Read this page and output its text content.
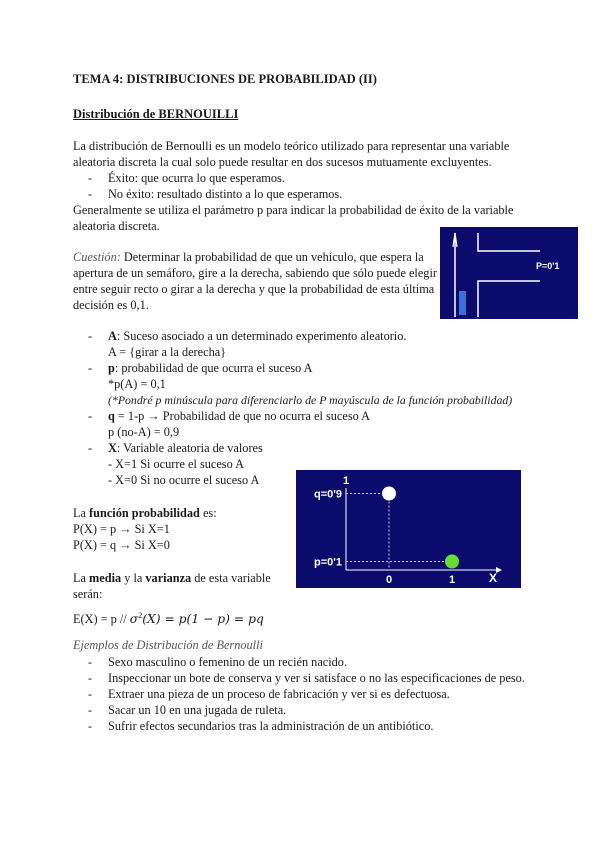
TEMA 4: DISTRIBUCIONES DE PROBABILIDAD (II)
Distribución de BERNOUILLI
La distribución de Bernoulli es un modelo teórico utilizado para representar una variable
aleatoria discreta la cual solo puede resultar en dos sucesos mutuamente excluyentes.
- Éxito: que ocurra lo que esperamos.
- No éxito: resultado distinto a lo que esperamos.
Generalmente se utiliza el parámetro p para indicar la probabilidad de éxito de la variable
aleatoria discreta.
Cuestión: Determinar la probabilidad de que un vehículo, que espera la
apertura de un semáforo, gire a la derecha, sabiendo que sólo puede elegir
entre seguir recto o girar a la derecha y que la probabilidad de esta última
decisión es 0,1.
P=0'1
- A: Suceso asociado a un determinado experimento aleatorio.
A = {girar a la derecha}
- p: probabilidad de que ocurra el suceso A
*p(A) = 0,1
(*Pondré p minúscula para diferenciarlo de P mayúscula de la función probabilidad)
- q = 1-p → Probabilidad de que no ocurra el suceso A
p (no-A) = 0,9
- X: Variable aleatoria de valores
- X=1 Si ocurre el suceso A
- X=0 Si no ocurre el suceso A
La función probabilidad es:
P(X) = p → Si X=1
P(X) = q → Si X=0
La media y la varianza de esta variable
serán:
$E(X) = p // \sigma^2(X) = p(1 - p)$ = pq
1
X
q=0'9
p=0'1
0	1
Ejemplos de Distribución de Bernoulli
- Sexo masculino o femenino de un recién nacido.
- Inspeccionar un bote de conserva y ver si satisface o no las especificaciones de peso.
- Extraer una pieza de un proceso de fabricación y ver si es defectuosa.
- Sacar un 10 en una jugada de ruleta.
- Sufrir efectos secundarios tras la administración de un antibiótico.
